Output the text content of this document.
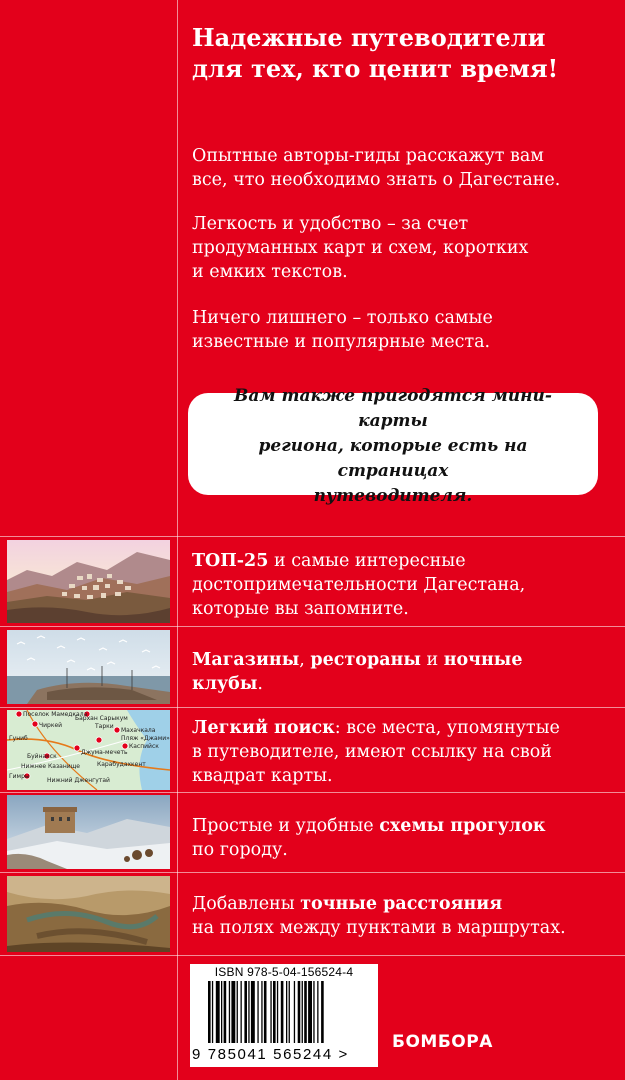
Надежные путеводители
для тех, кто ценит время!

Опытные авторы-гиды расскажут вам
все, что необходимо знать о Дагестане.

Легкость и удобство – за счет
продуманных карт и схем, коротких
и емких текстов.

Ничего лишнего – только самые
известные и популярные места.

Вам также пригодятся мини-карты
региона, которые есть на страницах
путеводителя.

Поселок Мамедкала
Бархан Сарыкум
Чиркей
Махачкала
Пляж «Джами»
Каспийск
Гуниб
Джума-мечеть
Нижнее Казанище	Карабудахкент
Гимры
Нижний Дженгутай
Буйнакск
Тарки

ТОП-25 и самые интересные
достопримечательности Дагестана,
которые вы запомните.

Магазины, рестораны и ночные
клубы.

Легкий поиск: все места, упомянутые
в путеводителе, имеют ссылку на свой
квадрат карты.

Простые и удобные схемы прогулок
по городу.

Добавлены точные расстояния
на полях между пунктами в маршрутах.

ISBN 978-5-04-156524-4
9 785041 565244 >
БОМБОРА
